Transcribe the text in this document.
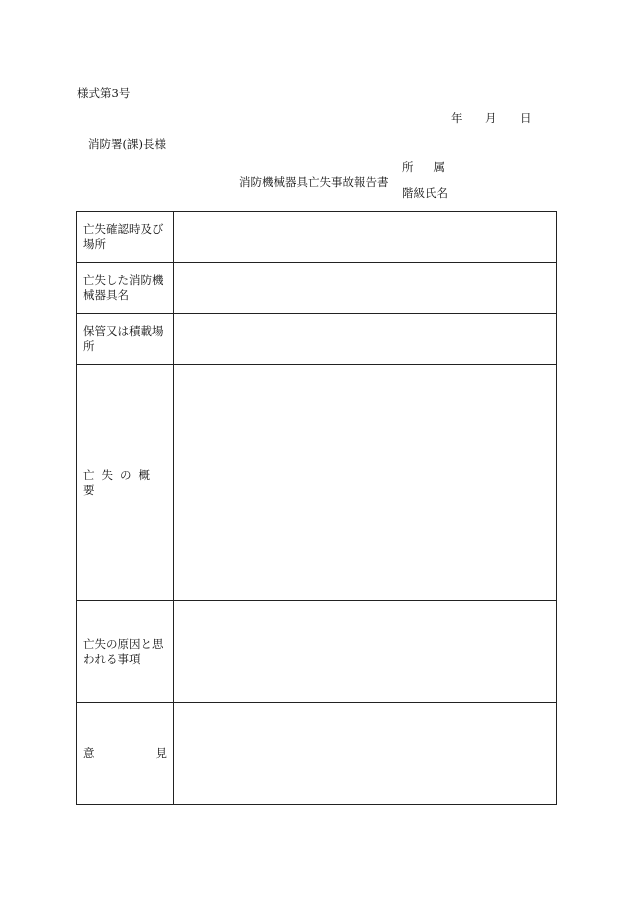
様式第3号
年 月 日
消防署(課)長様
消防機械器具亡失事故報告書
所属
階級氏名
亡失確認時及び場所	
亡失した消防機械器具名	
保管又は積載場所	
亡失の概要	
亡失の原因と思われる事項	

意 見	
